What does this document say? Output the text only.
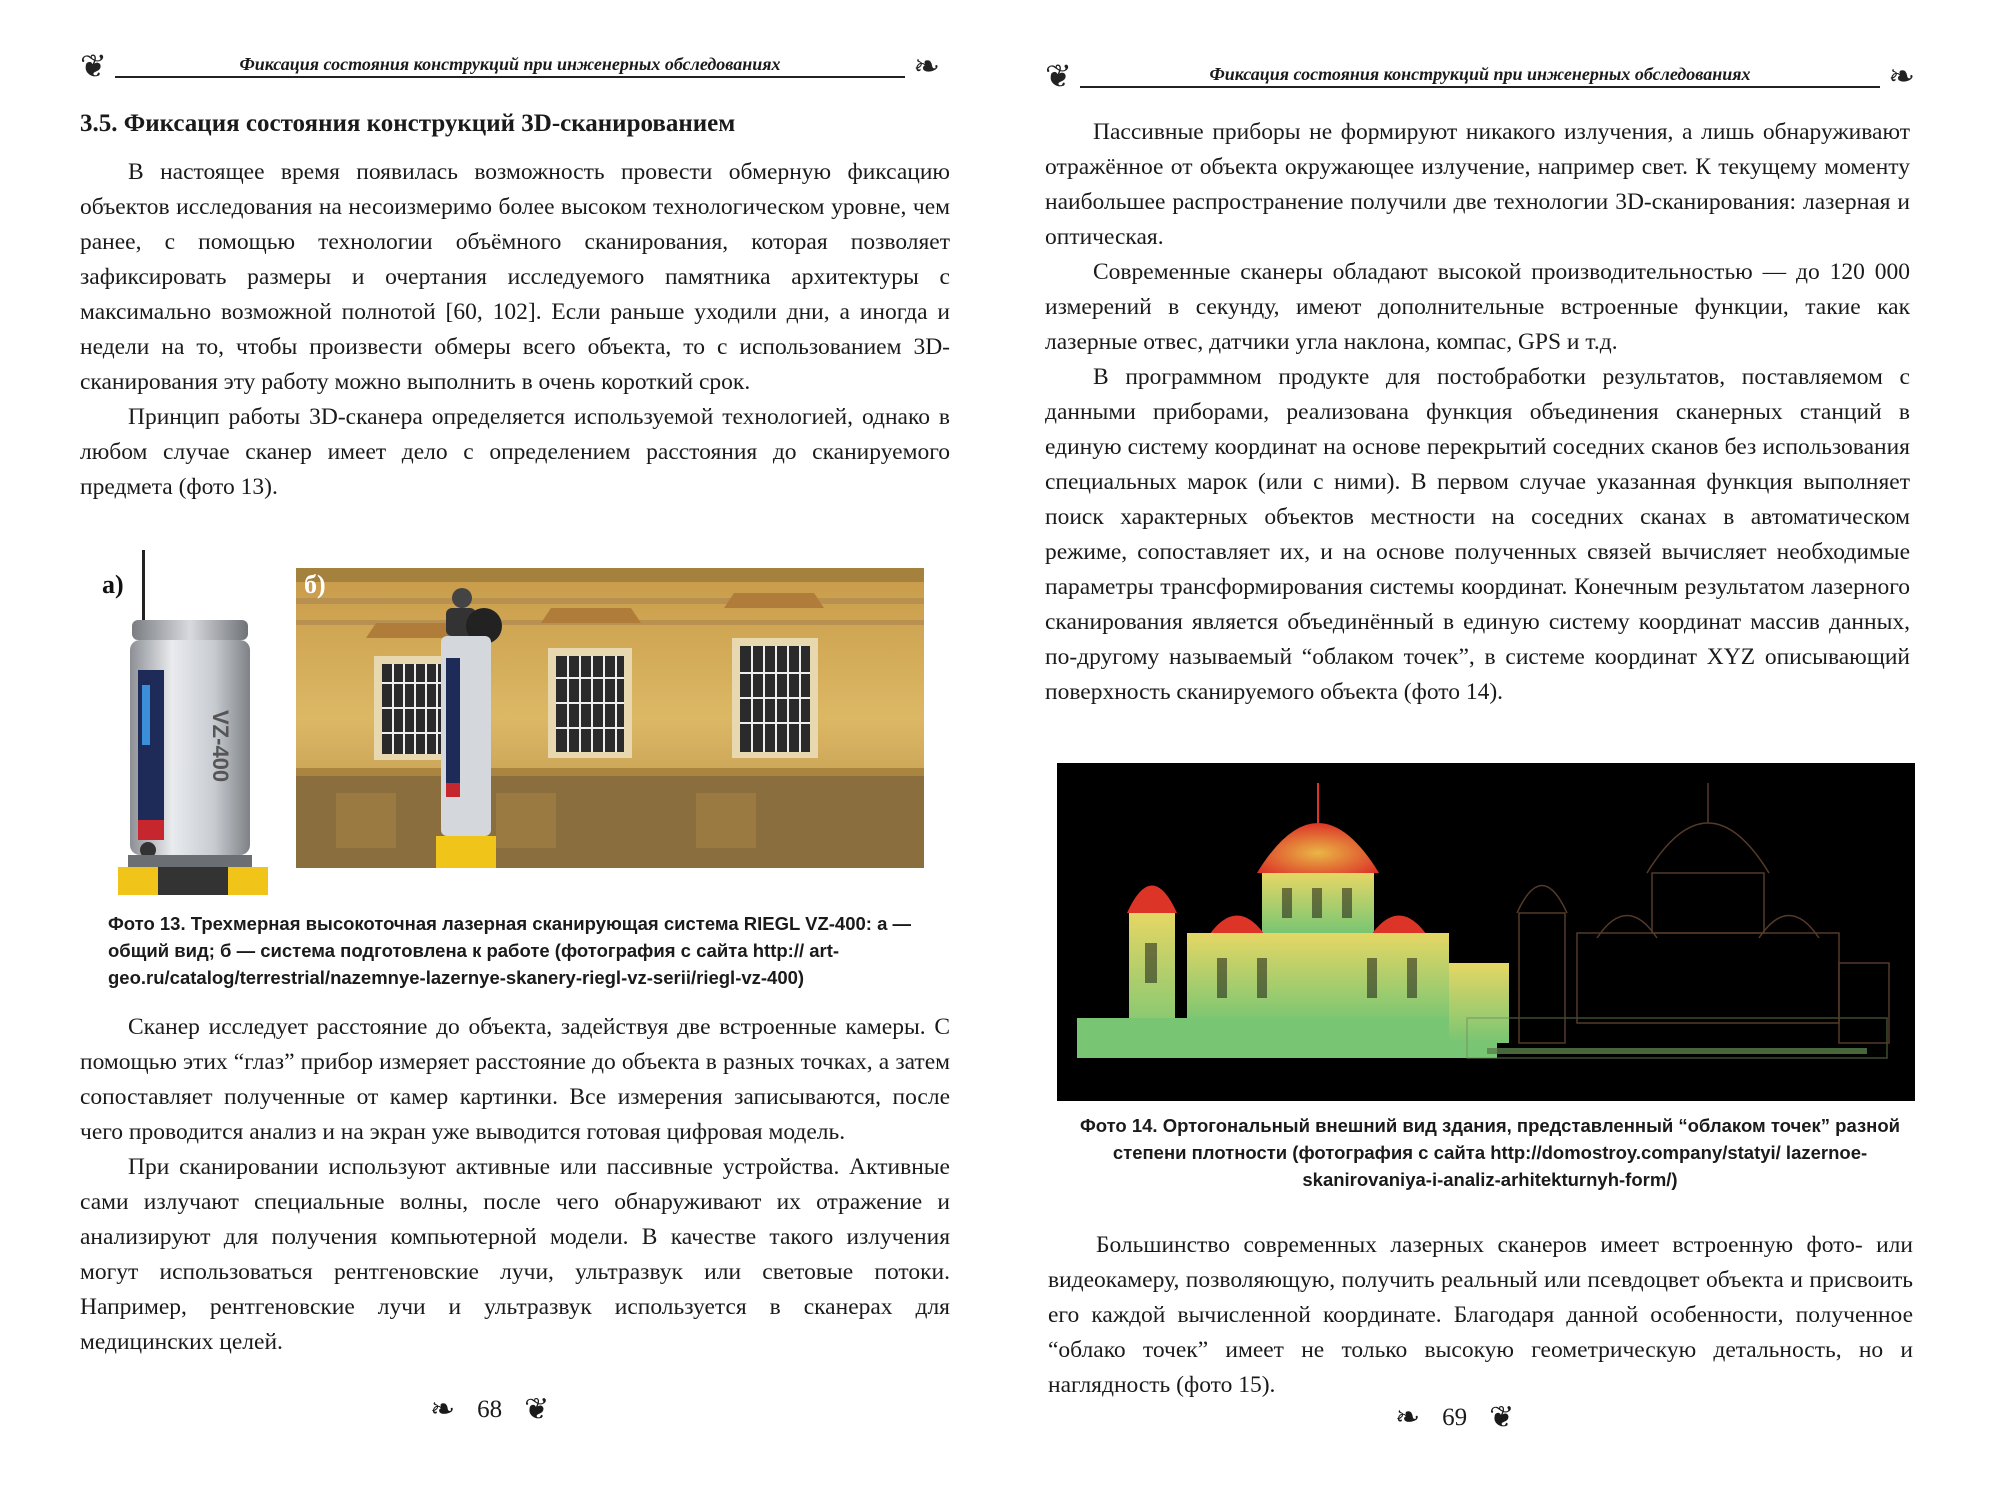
❦	Фиксация состояния конструкций при инженерных обследованиях	❧
3.5. Фиксация состояния конструкций 3D-сканированием

В настоящее время появилась возможность провести обмерную фиксацию объектов исследования на несоизмеримо более высоком технологическом уровне, чем ранее, с помощью технологии объёмного сканирования, которая позволяет зафиксировать размеры и очертания исследуемого памятника архитектуры с максимально возможной полнотой [60, 102]. Если раньше уходили дни, а иногда и недели на то, чтобы произвести обмеры всего объекта, то с использованием 3D-сканирования эту работу можно выполнить в очень короткий срок.

Принцип работы 3D-сканера определяется используемой технологией, однако в любом случае сканер имеет дело с определением расстояния до сканируемого предмета (фото 13).

а)	б)
VZ-400

Фото 13. Трехмерная высокоточная лазерная сканирующая система RIEGL VZ-400: а — общий вид; б — система подготовлена к работе (фотография с сайта http:// art-geo.ru/catalog/terrestrial/nazemnye-lazernye-skanery-riegl-vz-serii/riegl-vz-400)

Сканер исследует расстояние до объекта, задействуя две встроенные камеры. С помощью этих “глаз” прибор измеряет расстояние до объекта в разных точках, а затем сопоставляет полученные от камер картинки. Все измерения записываются, после чего проводится анализ и на экран уже выводится готовая цифровая модель.

При сканировании используют активные или пассивные устройства. Активные сами излучают специальные волны, после чего обнаруживают их отражение и анализируют для получения компьютерной модели. В качестве такого излучения могут использоваться рентгеновские лучи, ультразвук или световые потоки. Например, рентгеновские лучи и ультразвук используется в сканерах для медицинских целей.

❧ 68 ❦
❦	Фиксация состояния конструкций при инженерных обследованиях	❧

Пассивные приборы не формируют никакого излучения, а лишь обнаруживают отражённое от объекта окружающее излучение, например свет. К текущему моменту наибольшее распространение получили две технологии 3D-сканирования: лазерная и оптическая.

Современные сканеры обладают высокой производительностью — до 120 000 измерений в секунду, имеют дополнительные встроенные функции, такие как лазерные отвес, датчики угла наклона, компас, GPS и т.д.

В программном продукте для постобработки результатов, поставляемом с данными приборами, реализована функция объединения сканерных станций в единую систему координат на основе перекрытий соседних сканов без использования специальных марок (или с ними). В первом случае указанная функция выполняет поиск характерных объектов местности на соседних сканах в автоматическом режиме, сопоставляет их, и на основе полученных связей вычисляет необходимые параметры трансформирования системы координат. Конечным результатом лазерного сканирования является объединённый в единую систему координат массив данных, по-другому называемый “облаком точек”, в системе координат XYZ описывающий поверхность сканируемого объекта (фото 14).

Фото 14. Ортогональный внешний вид здания, представленный “облаком точек” разной степени плотности (фотография с сайта http://domostroy.company/statyi/ lazernoe-skanirovaniya-i-analiz-arhitekturnyh-form/)

Большинство современных лазерных сканеров имеет встроенную фото- или видеокамеру, позволяющую, получить реальный или псевдоцвет объекта и присвоить его каждой вычисленной координате. Благодаря данной особенности, полученное “облако точек” имеет не только высокую геометрическую детальность, но и наглядность (фото 15).

❧ 69 ❦
